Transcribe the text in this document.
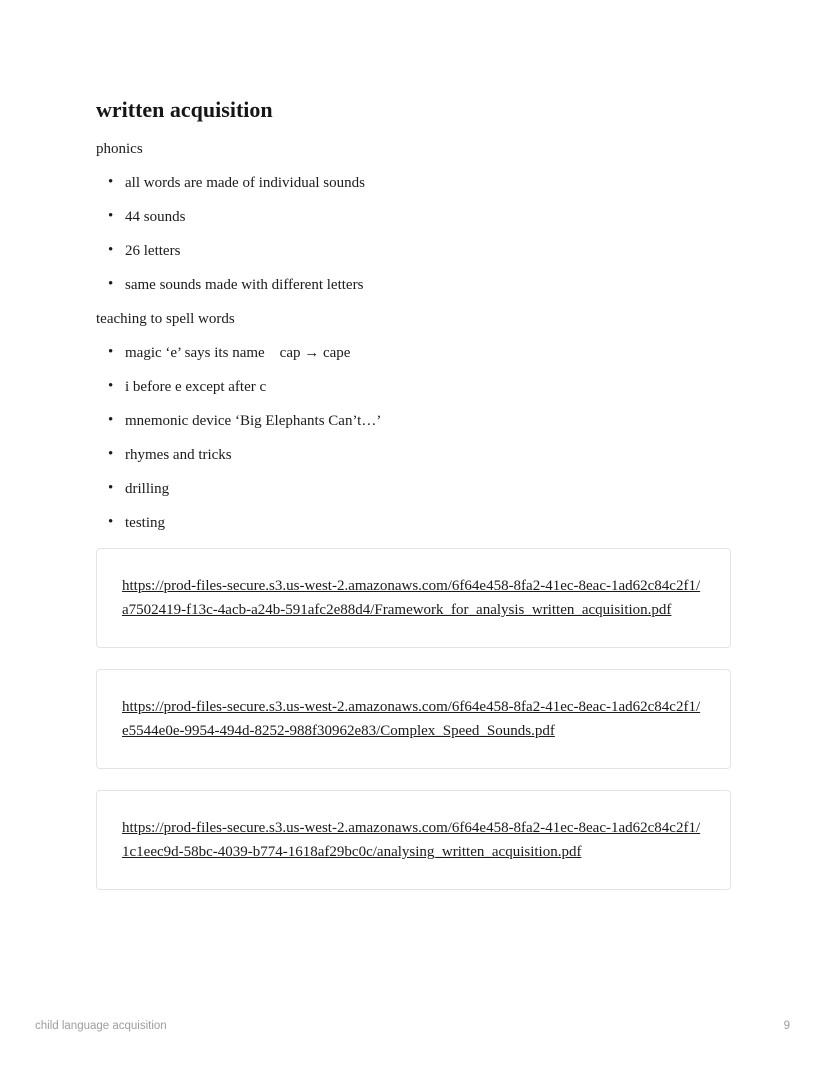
written acquisition

phonics

• all words are made of individual sounds
• 44 sounds
• 26 letters
• same sounds made with different letters

teaching to spell words

• magic ‘e’ says its name    cap → cape
• i before e except after c
• mnemonic device ‘Big Elephants Can’t…’
• rhymes and tricks
• drilling
• testing
https://prod-files-secure.s3.us-west-2.amazonaws.com/6f64e458-8fa2-41ec-8eac-1ad62c84c2f1/a7502419-f13c-4acb-a24b-591afc2e88d4/Framework_for_analysis_written_acquisition.pdf
https://prod-files-secure.s3.us-west-2.amazonaws.com/6f64e458-8fa2-41ec-8eac-1ad62c84c2f1/e5544e0e-9954-494d-8252-988f30962e83/Complex_Speed_Sounds.pdf
https://prod-files-secure.s3.us-west-2.amazonaws.com/6f64e458-8fa2-41ec-8eac-1ad62c84c2f1/1c1eec9d-58bc-4039-b774-1618af29bc0c/analysing_written_acquisition.pdf
child language acquisition	9
